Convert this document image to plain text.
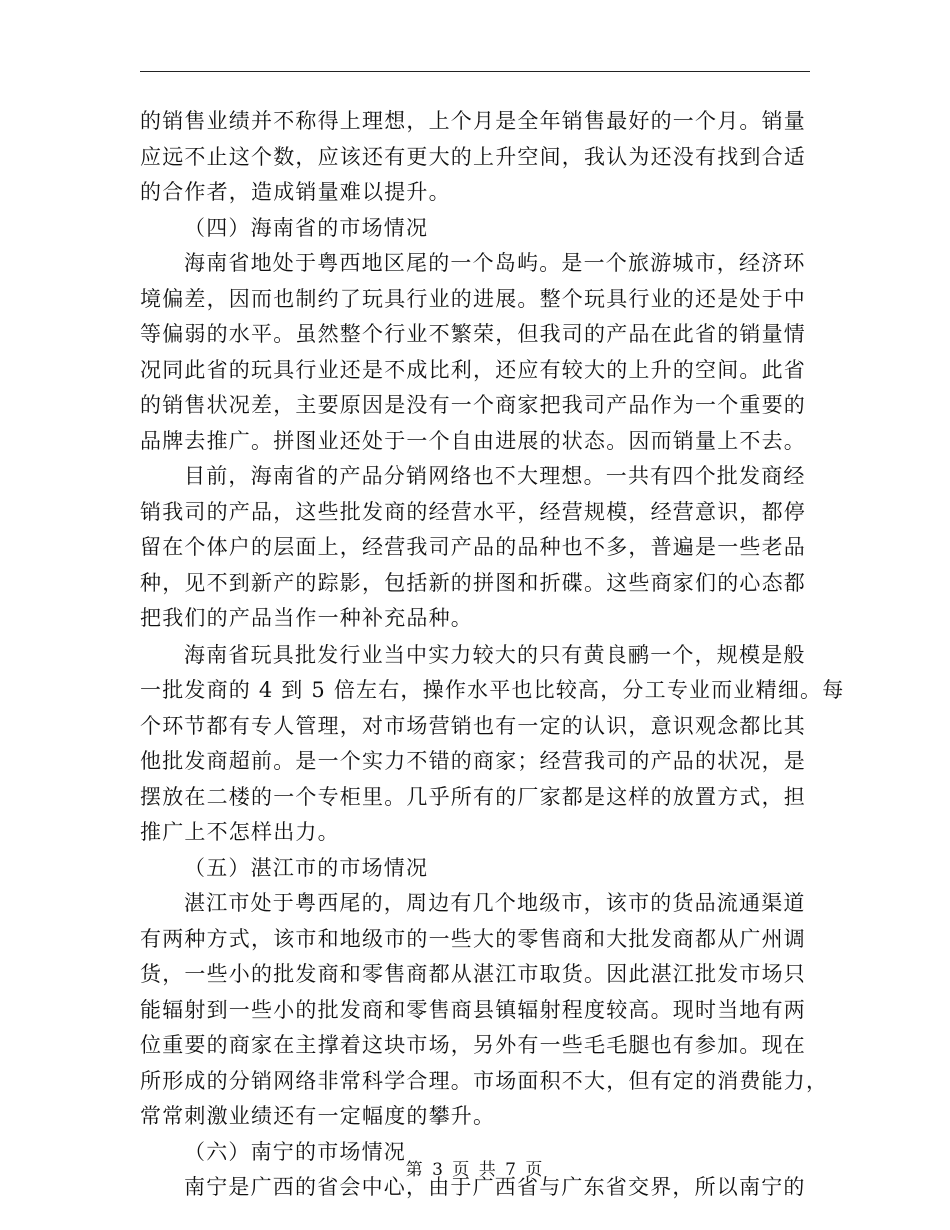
的销售业绩并不称得上理想，上个月是全年销售最好的一个月。销量
应远不止这个数，应该还有更大的上升空间，我认为还没有找到合适
的合作者，造成销量难以提升。
（四）海南省的市场情况
海南省地处于粤西地区尾的一个岛屿。是一个旅游城市，经济环
境偏差，因而也制约了玩具行业的进展。整个玩具行业的还是处于中
等偏弱的水平。虽然整个行业不繁荣，但我司的产品在此省的销量情
况同此省的玩具行业还是不成比利，还应有较大的上升的空间。此省
的销售状况差，主要原因是没有一个商家把我司产品作为一个重要的
品牌去推广。拼图业还处于一个自由进展的状态。因而销量上不去。
目前，海南省的产品分销网络也不大理想。一共有四个批发商经
销我司的产品，这些批发商的经营水平，经营规模，经营意识，都停
留在个体户的层面上，经营我司产品的品种也不多，普遍是一些老品
种，见不到新产的踪影，包括新的拼图和折碟。这些商家们的心态都
把我们的产品当作一种补充品种。
海南省玩具批发行业当中实力较大的只有黄良鹂一个，规模是般
一批发商的 4 到 5 倍左右，操作水平也比较高，分工专业而业精细。每
个环节都有专人管理，对市场营销也有一定的认识，意识观念都比其
他批发商超前。是一个实力不错的商家；经营我司的产品的状况，是
摆放在二楼的一个专柜里。几乎所有的厂家都是这样的放置方式，担
推广上不怎样出力。
（五）湛江市的市场情况
湛江市处于粤西尾的，周边有几个地级市，该市的货品流通渠道
有两种方式，该市和地级市的一些大的零售商和大批发商都从广州调
货，一些小的批发商和零售商都从湛江市取货。因此湛江批发市场只
能辐射到一些小的批发商和零售商县镇辐射程度较高。现时当地有两
位重要的商家在主撑着这块市场，另外有一些毛毛腿也有参加。现在
所形成的分销网络非常科学合理。市场面积不大，但有定的消费能力，
常常刺激业绩还有一定幅度的攀升。
（六）南宁的市场情况
南宁是广西的省会中心，由于广西省与广东省交界，所以南宁的
第 3 页 共 7 页
